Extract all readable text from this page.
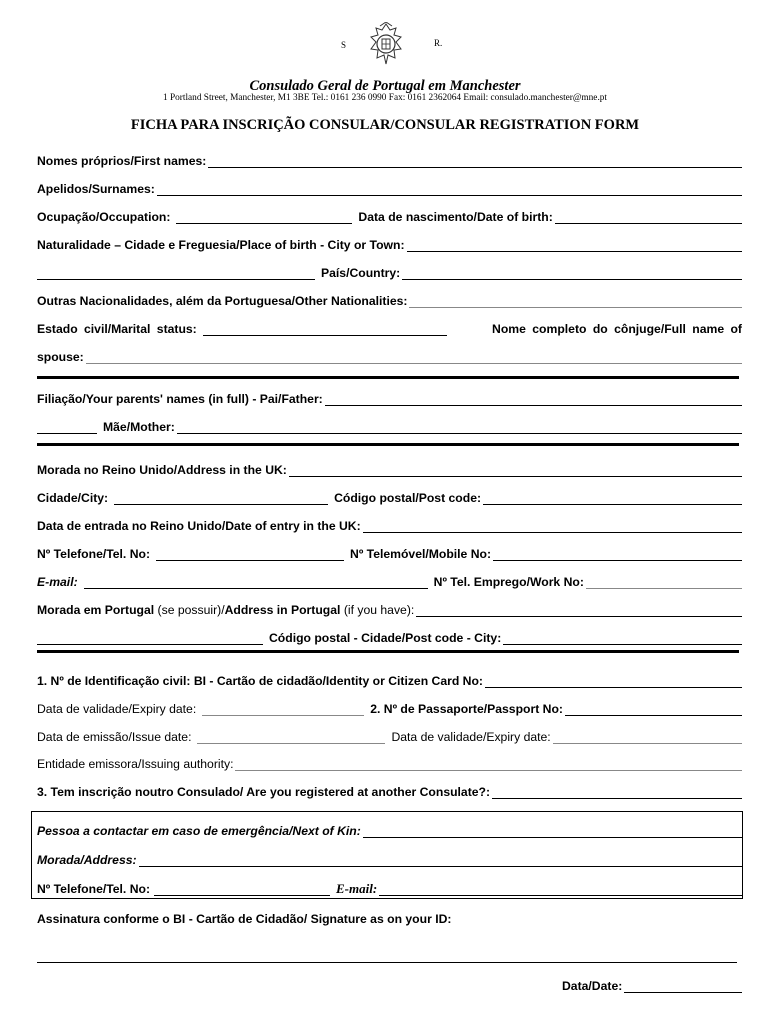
S	R.
Consulado Geral de Portugal em Manchester
1 Portland Street, Manchester, M1 3BE Tel.: 0161 236 0990 Fax: 0161 2362064 Email: consulado.manchester@mne.pt
FICHA PARA INSCRIÇÃO CONSULAR/CONSULAR REGISTRATION FORM
Nomes próprios/First names:
Apelidos/Surnames:
Ocupação/Occupation:	Data de nascimento/Date of birth:
Naturalidade – Cidade e Freguesia/Place of birth - City or Town:
País/Country:
Outras Nacionalidades, além da Portuguesa/Other Nationalities:
Estado civil/Marital status:	Nome completo do cônjuge/Full name of
spouse:
Filiação/Your parents' names (in full) - Pai/Father:
Mãe/Mother:
Morada no Reino Unido/Address in the UK:
Cidade/City:	Código postal/Post code:
Data de entrada no Reino Unido/Date of entry in the UK:
Nº Telefone/Tel. No:	Nº Telemóvel/Mobile No:
E-mail:	Nº Tel. Emprego/Work No:
Morada em Portugal
(se possuir)/ Address in Portugal
(if you have):
Código postal - Cidade/Post code - City:
1. Nº de Identificação civil: BI - Cartão de cidadão/Identity or Citizen Card No:
Data de validade/Expiry date:	2. Nº de Passaporte/Passport No:
Data de emissão/Issue date:	Data de validade/Expiry date:
Entidade emissora/Issuing authority:
3. Tem inscrição noutro Consulado/ Are you registered at another Consulate?:
Pessoa a contactar em caso de emergência/Next of Kin:
Morada/Address:
Nº Telefone/Tel. No:	E-mail:
Assinatura conforme o BI - Cartão de Cidadão/ Signature as on your ID:
Data/Date:
